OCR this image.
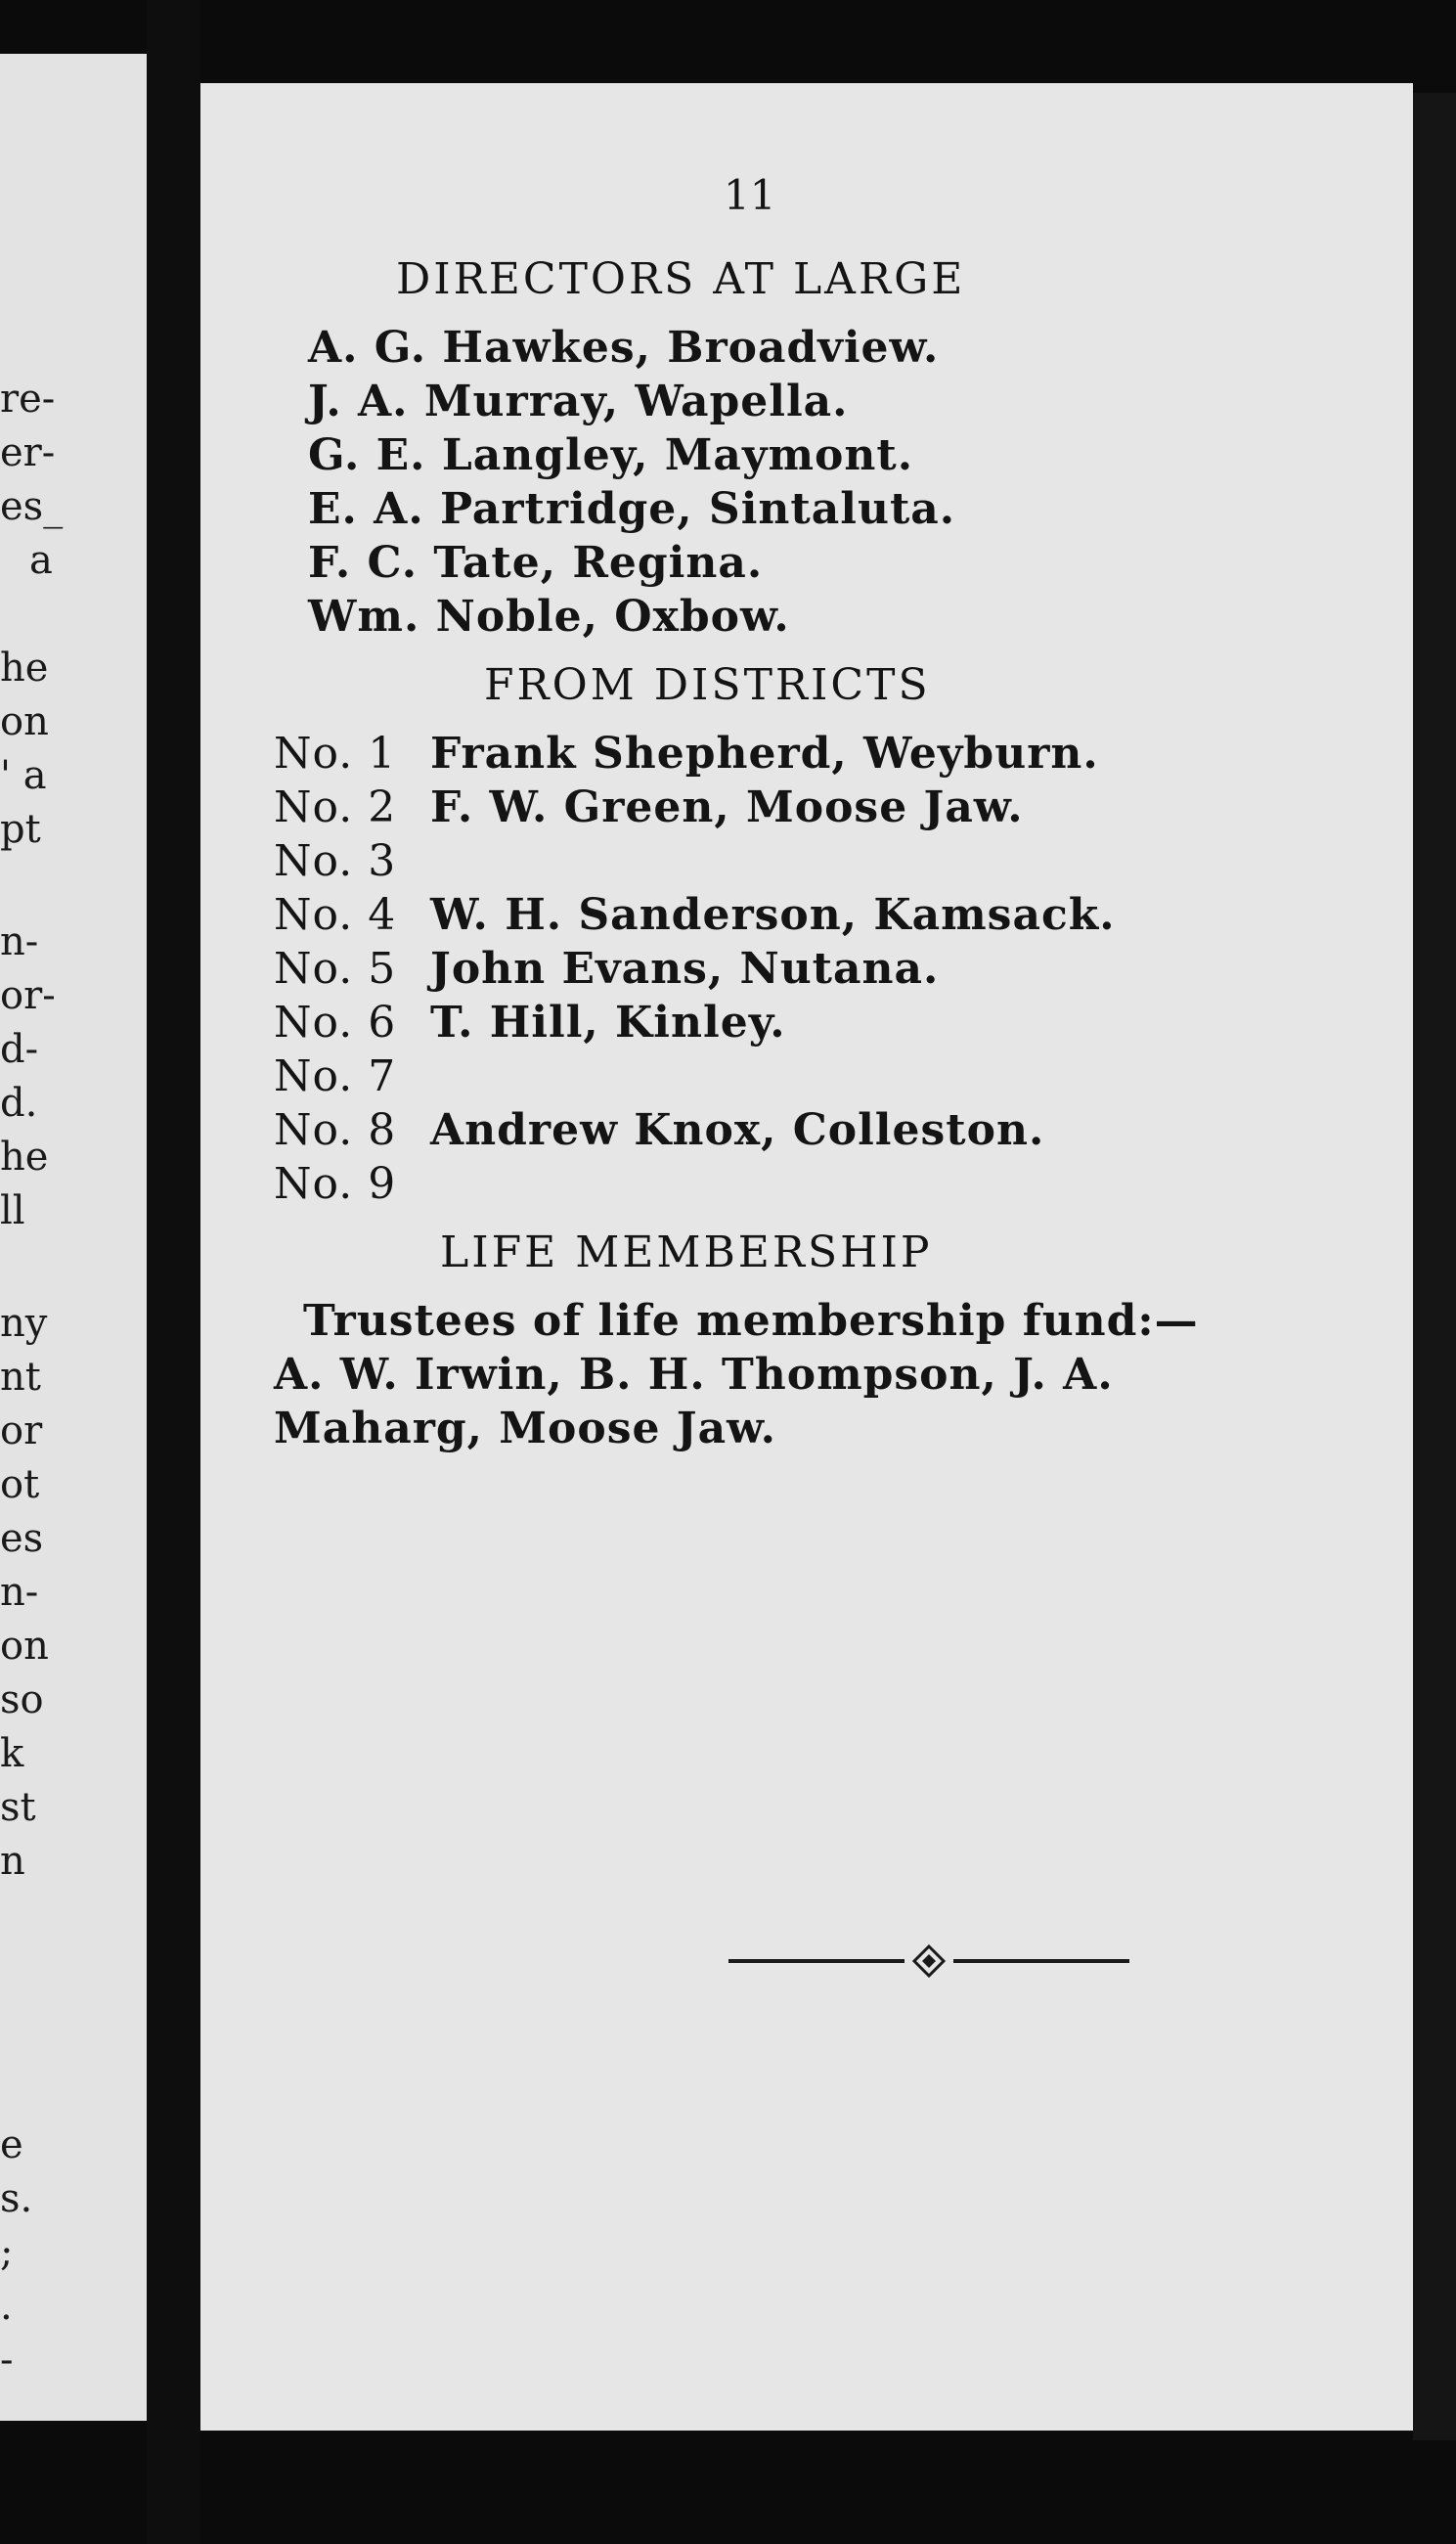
re-
er-
es_
a
he
on
' a
pt
n-
or-
d-
d.
he
ll
ny
nt
or
ot
es
n-
on
so
k
st
n
e
s.
;
.
-
11
DIRECTORS AT LARGE
A. G. Hawkes, Broadview.
J. A. Murray, Wapella.
G. E. Langley, Maymont.
E. A. Partridge, Sintaluta.
F. C. Tate, Regina.
Wm. Noble, Oxbow.
FROM DISTRICTS
No. 1 Frank Shepherd, Weyburn.
No. 2 F. W. Green, Moose Jaw.
No. 3
No. 4 W. H. Sanderson, Kamsack.
No. 5 John Evans, Nutana.
No. 6 T. Hill, Kinley.
No. 7
No. 8 Andrew Knox, Colleston.
No. 9
LIFE MEMBERSHIP
Trustees of life membership fund:—
A. W. Irwin, B. H. Thompson, J. A.
Maharg, Moose Jaw.
